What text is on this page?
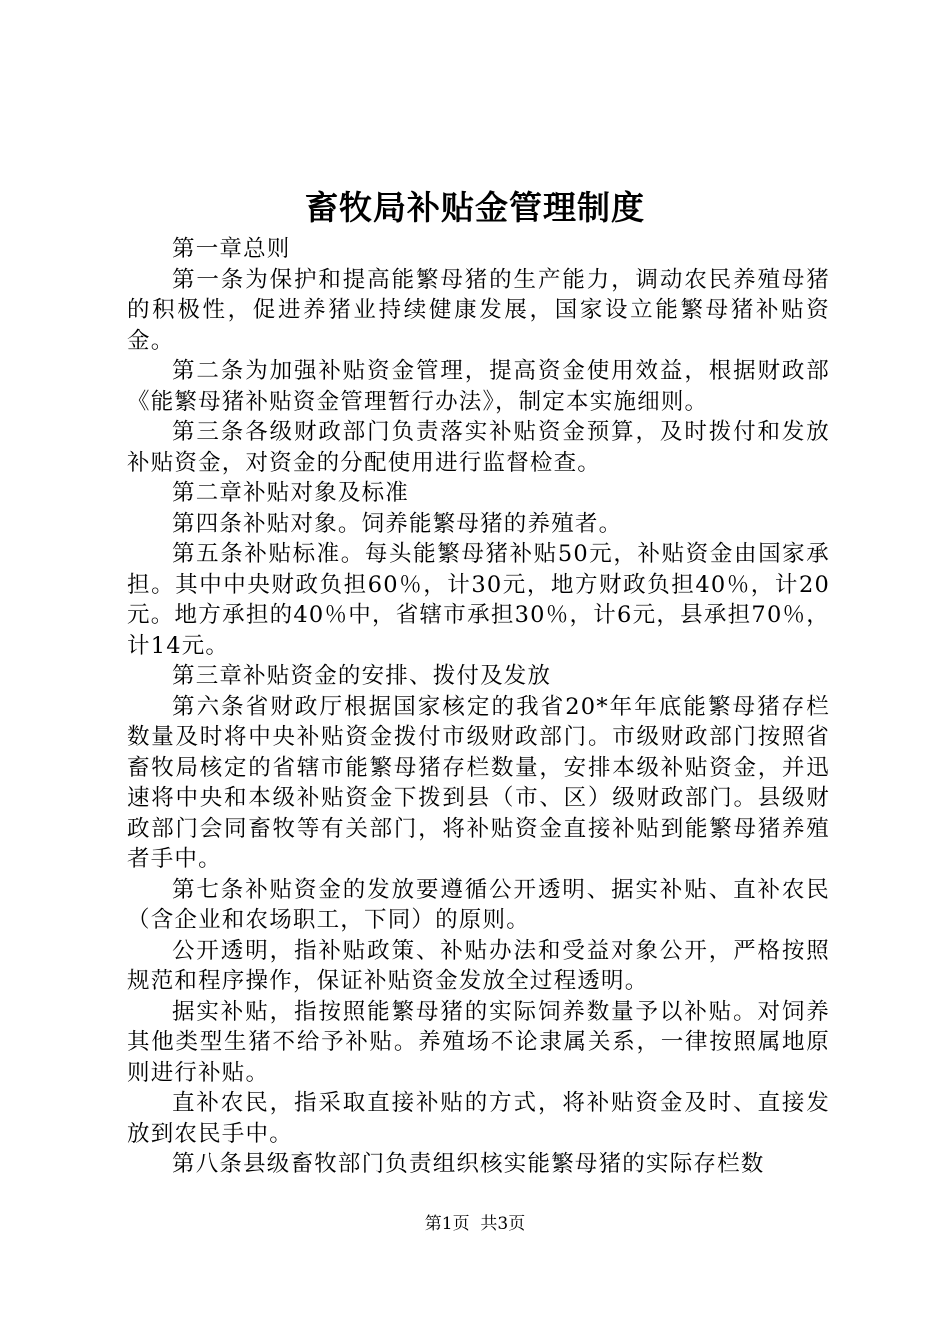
畜牧局补贴金管理制度

第一章总则

第一条为保护和提高能繁母猪的生产能力，调动农民养殖母猪的积极性，促进养猪业持续健康发展，国家设立能繁母猪补贴资金。

第二条为加强补贴资金管理，提高资金使用效益，根据财政部《能繁母猪补贴资金管理暂行办法》，制定本实施细则。

第三条各级财政部门负责落实补贴资金预算，及时拨付和发放补贴资金，对资金的分配使用进行监督检查。

第二章补贴对象及标准

第四条补贴对象。饲养能繁母猪的养殖者。

第五条补贴标准。每头能繁母猪补贴50元，补贴资金由国家承担。其中中央财政负担60％，计30元，地方财政负担40％，计20元。地方承担的40％中，省辖市承担30％，计6元，县承担70％，计14元。

第三章补贴资金的安排、拨付及发放

第六条省财政厅根据国家核定的我省20*年年底能繁母猪存栏数量及时将中央补贴资金拨付市级财政部门。市级财政部门按照省畜牧局核定的省辖市能繁母猪存栏数量，安排本级补贴资金，并迅速将中央和本级补贴资金下拨到县（市、区）级财政部门。县级财政部门会同畜牧等有关部门，将补贴资金直接补贴到能繁母猪养殖者手中。

第七条补贴资金的发放要遵循公开透明、据实补贴、直补农民（含企业和农场职工，下同）的原则。

公开透明，指补贴政策、补贴办法和受益对象公开，严格按照规范和程序操作，保证补贴资金发放全过程透明。

据实补贴，指按照能繁母猪的实际饲养数量予以补贴。对饲养其他类型生猪不给予补贴。养殖场不论隶属关系，一律按照属地原则进行补贴。

直补农民，指采取直接补贴的方式，将补贴资金及时、直接发放到农民手中。

第八条县级畜牧部门负责组织核实能繁母猪的实际存栏数

第1页 共3页
